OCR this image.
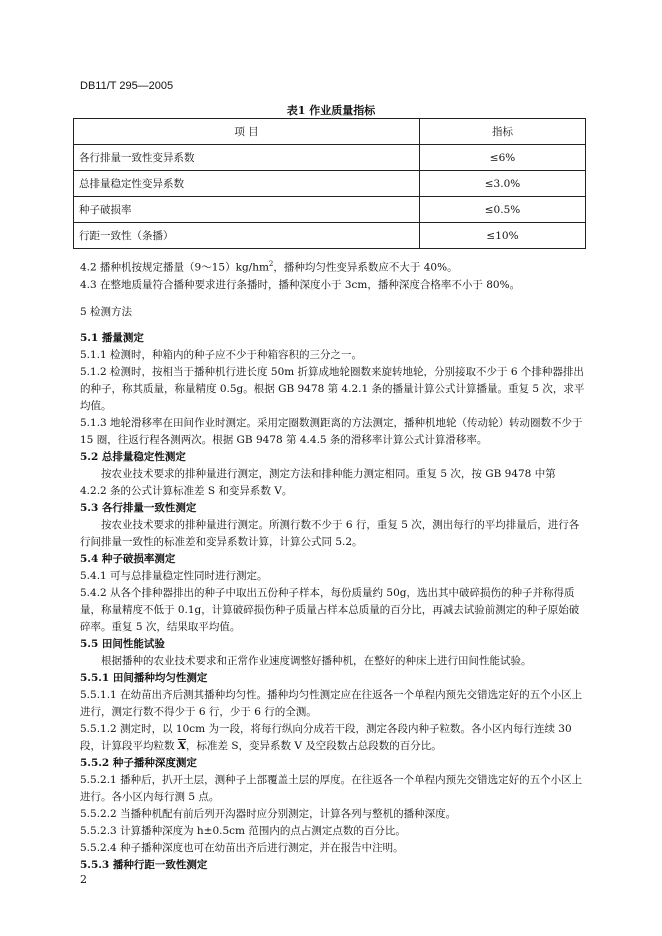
DB11/T 295—2005
表1 作业质量指标
项 目	指标
各行排量一致性变异系数	≤6%
总排量稳定性变异系数	≤3.0%
种子破损率	≤0.5%
行距一致性（条播）	≤10%

4.2 播种机按规定播量$(9\sim 15)kg/hm^2$，播种均匀性变异系数应不大于 40%。

4.3 在整地质量符合播种要求进行条播时，播种深度小于 3cm，播种深度合格率不小于 80%。

5 检测方法

5.1 播量测定

5.1.1 检测时，种箱内的种子应不少于种箱容积的三分之一。

5.1.2 检测时，按相当于播种机行进长度 50m 折算成地轮圈数来旋转地轮，分别接取不少于 6 个排种器排出的种子，称其质量，称量精度 0.5g。根据 GB 9478 第 4.2.1 条的播量计算公式计算播量。重复 5 次，求平均值。

5.1.3 地轮滑移率在田间作业时测定。采用定圈数测距离的方法测定，播种机地轮（传动轮）转动圈数不少于 15 圈，往返行程各测两次。根据 GB 9478 第 4.4.5 条的滑移率计算公式计算滑移率。

5.2 总排量稳定性测定

按农业技术要求的排种量进行测定，测定方法和排种能力测定相同。重复 5 次，按 GB 9478 中第 4.2.2 条的公式计算标准差 S 和变异系数 V。

5.3 各行排量一致性测定

按农业技术要求的排种量进行测定。所测行数不少于 6 行，重复 5 次，测出每行的平均排量后，进行各行间排量一致性的标准差和变异系数计算，计算公式同 5.2。

5.4 种子破损率测定

5.4.1 可与总排量稳定性同时进行测定。

5.4.2 从各个排种器排出的种子中取出五份种子样本，每份质量约 50g，选出其中破碎损伤的种子并称得质量，称量精度不低于 0.1g，计算破碎损伤种子质量占样本总质量的百分比，再减去试验前测定的种子原始破碎率。重复 5 次，结果取平均值。

5.5 田间性能试验

根据播种的农业技术要求和正常作业速度调整好播种机，在整好的种床上进行田间性能试验。

5.5.1 田间播种均匀性测定

5.5.1.1 在幼苗出齐后测其播种均匀性。播种均匀性测定应在往返各一个单程内预先交错选定好的五个小区上进行，测定行数不得少于 6 行，少于 6 行的全测。

5.5.1.2 测定时，以 10cm 为一段，将每行纵向分成若干段，测定各段内种子粒数。各小区内每行连续 30 段，计算段平均粒数 $\overline{X}$，标准差 S，变异系数 V 及空段数占总段数的百分比。

5.5.2 种子播种深度测定

5.5.2.1 播种后，扒开土层，测种子上部覆盖土层的厚度。在往返各一个单程内预先交错选定好的五个小区上进行。各小区内每行测 5 点。

5.5.2.2 当播种机配有前后列开沟器时应分别测定，计算各列与整机的播种深度。

5.5.2.3 计算播种深度为 h±0.5cm 范围内的点占测定点数的百分比。

5.5.2.4 种子播种深度也可在幼苗出齐后进行测定，并在报告中注明。

5.5.3 播种行距一致性测定

2
